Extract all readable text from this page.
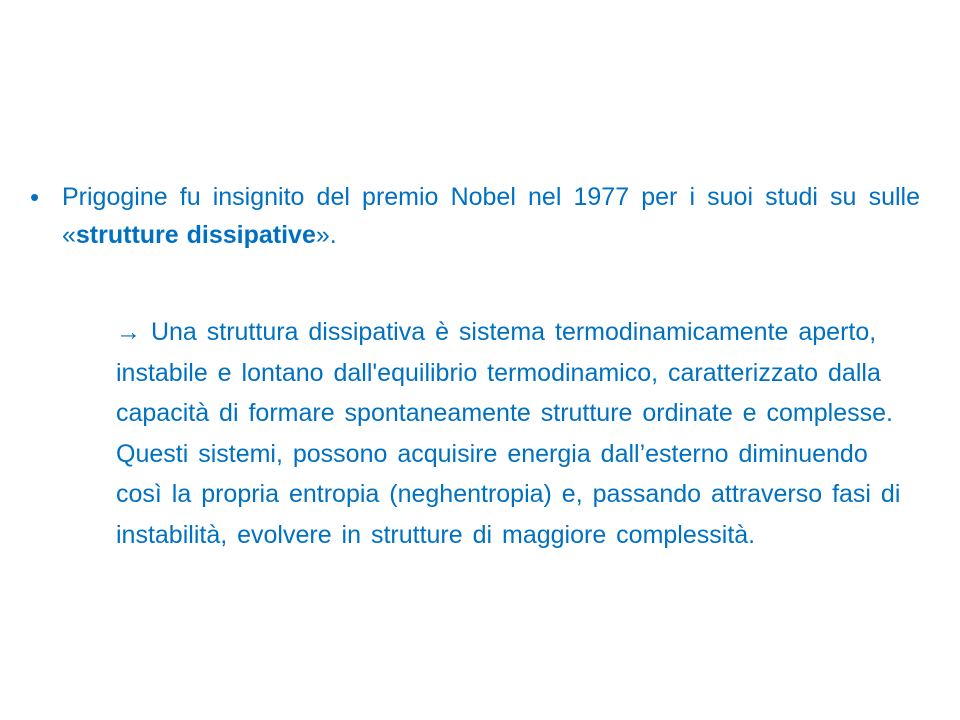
• Prigogine fu insignito del premio Nobel nel 1977 per i suoi studi su sulle «strutture dissipative».
→ Una struttura dissipativa è sistema termodinamicamente aperto, instabile e lontano dall'equilibrio termodinamico, caratterizzato dalla capacità di formare spontaneamente strutture ordinate e complesse. Questi sistemi, possono acquisire energia dall’esterno diminuendo così la propria entropia (neghentropia) e, passando attraverso fasi di instabilità, evolvere in strutture di maggiore complessità.
